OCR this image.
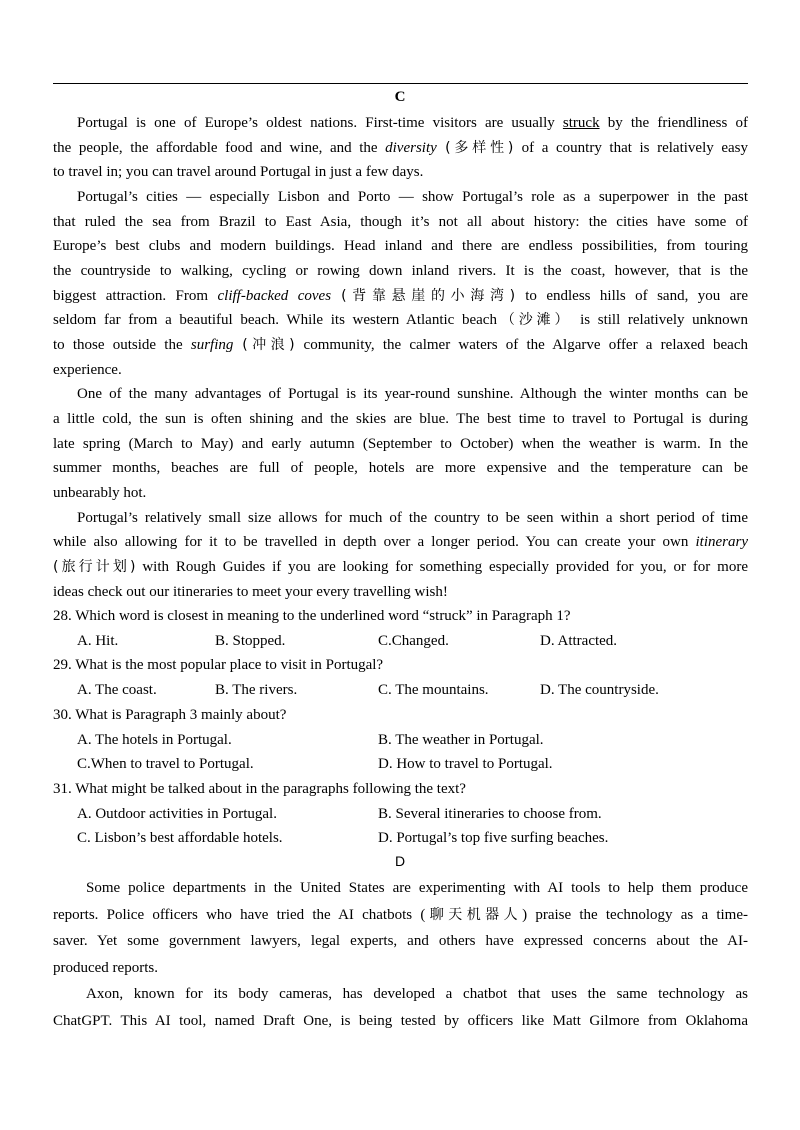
C
Portugal is one of Europe’s oldest nations. First-time visitors are usually struck by the friendliness of
the people, the affordable food and wine, and the diversity (多样性) of a country that is relatively easy
to travel in; you can travel around Portugal in just a few days.
Portugal’s cities — especially Lisbon and Porto — show Portugal’s role as a superpower in the past
that ruled the sea from Brazil to East Asia, though it’s not all about history: the cities have some of
Europe’s best clubs and modern buildings. Head inland and there are endless possibilities, from touring
the countryside to walking, cycling or rowing down inland rivers. It is the coast, however, that is the
biggest attraction. From cliff-backed coves (背靠悬崖的小海湾) to endless hills of sand, you are
seldom far from a beautiful beach. While its western Atlantic beach（沙滩） is still relatively unknown
to those outside the surfing (冲浪) community, the calmer waters of the Algarve offer a relaxed beach
experience.
One of the many advantages of Portugal is its year-round sunshine. Although the winter months can be
a little cold, the sun is often shining and the skies are blue. The best time to travel to Portugal is during
late spring (March to May) and early autumn (September to October) when the weather is warm. In the
summer months, beaches are full of people, hotels are more expensive and the temperature can be
unbearably hot.
Portugal’s relatively small size allows for much of the country to be seen within a short period of time
while also allowing for it to be travelled in depth over a longer period. You can create your own itinerary
(旅行计划) with Rough Guides if you are looking for something especially provided for you, or for more
ideas check out our itineraries to meet your every travelling wish!
28. Which word is closest in meaning to the underlined word “struck” in Paragraph 1?
A. Hit.	B. Stopped.	C.Changed.	D. Attracted.
29. What is the most popular place to visit in Portugal?
A. The coast.	B. The rivers.	C. The mountains.	D. The countryside.
30. What is Paragraph 3 mainly about?
A. The hotels in Portugal.	B. The weather in Portugal.
C.When to travel to Portugal.	D. How to travel to Portugal.
31. What might be talked about in the paragraphs following the text?
A. Outdoor activities in Portugal.	B. Several itineraries to choose from.
C. Lisbon’s best affordable hotels.	D. Portugal’s top five surfing beaches.
D
Some police departments in the United States are experimenting with AI tools to help them produce
reports. Police officers who have tried the AI chatbots (聊天机器人) praise the technology as a time-
saver. Yet some government lawyers, legal experts, and others have expressed concerns about the AI-
produced reports.
Axon, known for its body cameras, has developed a chatbot that uses the same technology as
ChatGPT. This AI tool, named Draft One, is being tested by officers like Matt Gilmore from Oklahoma
